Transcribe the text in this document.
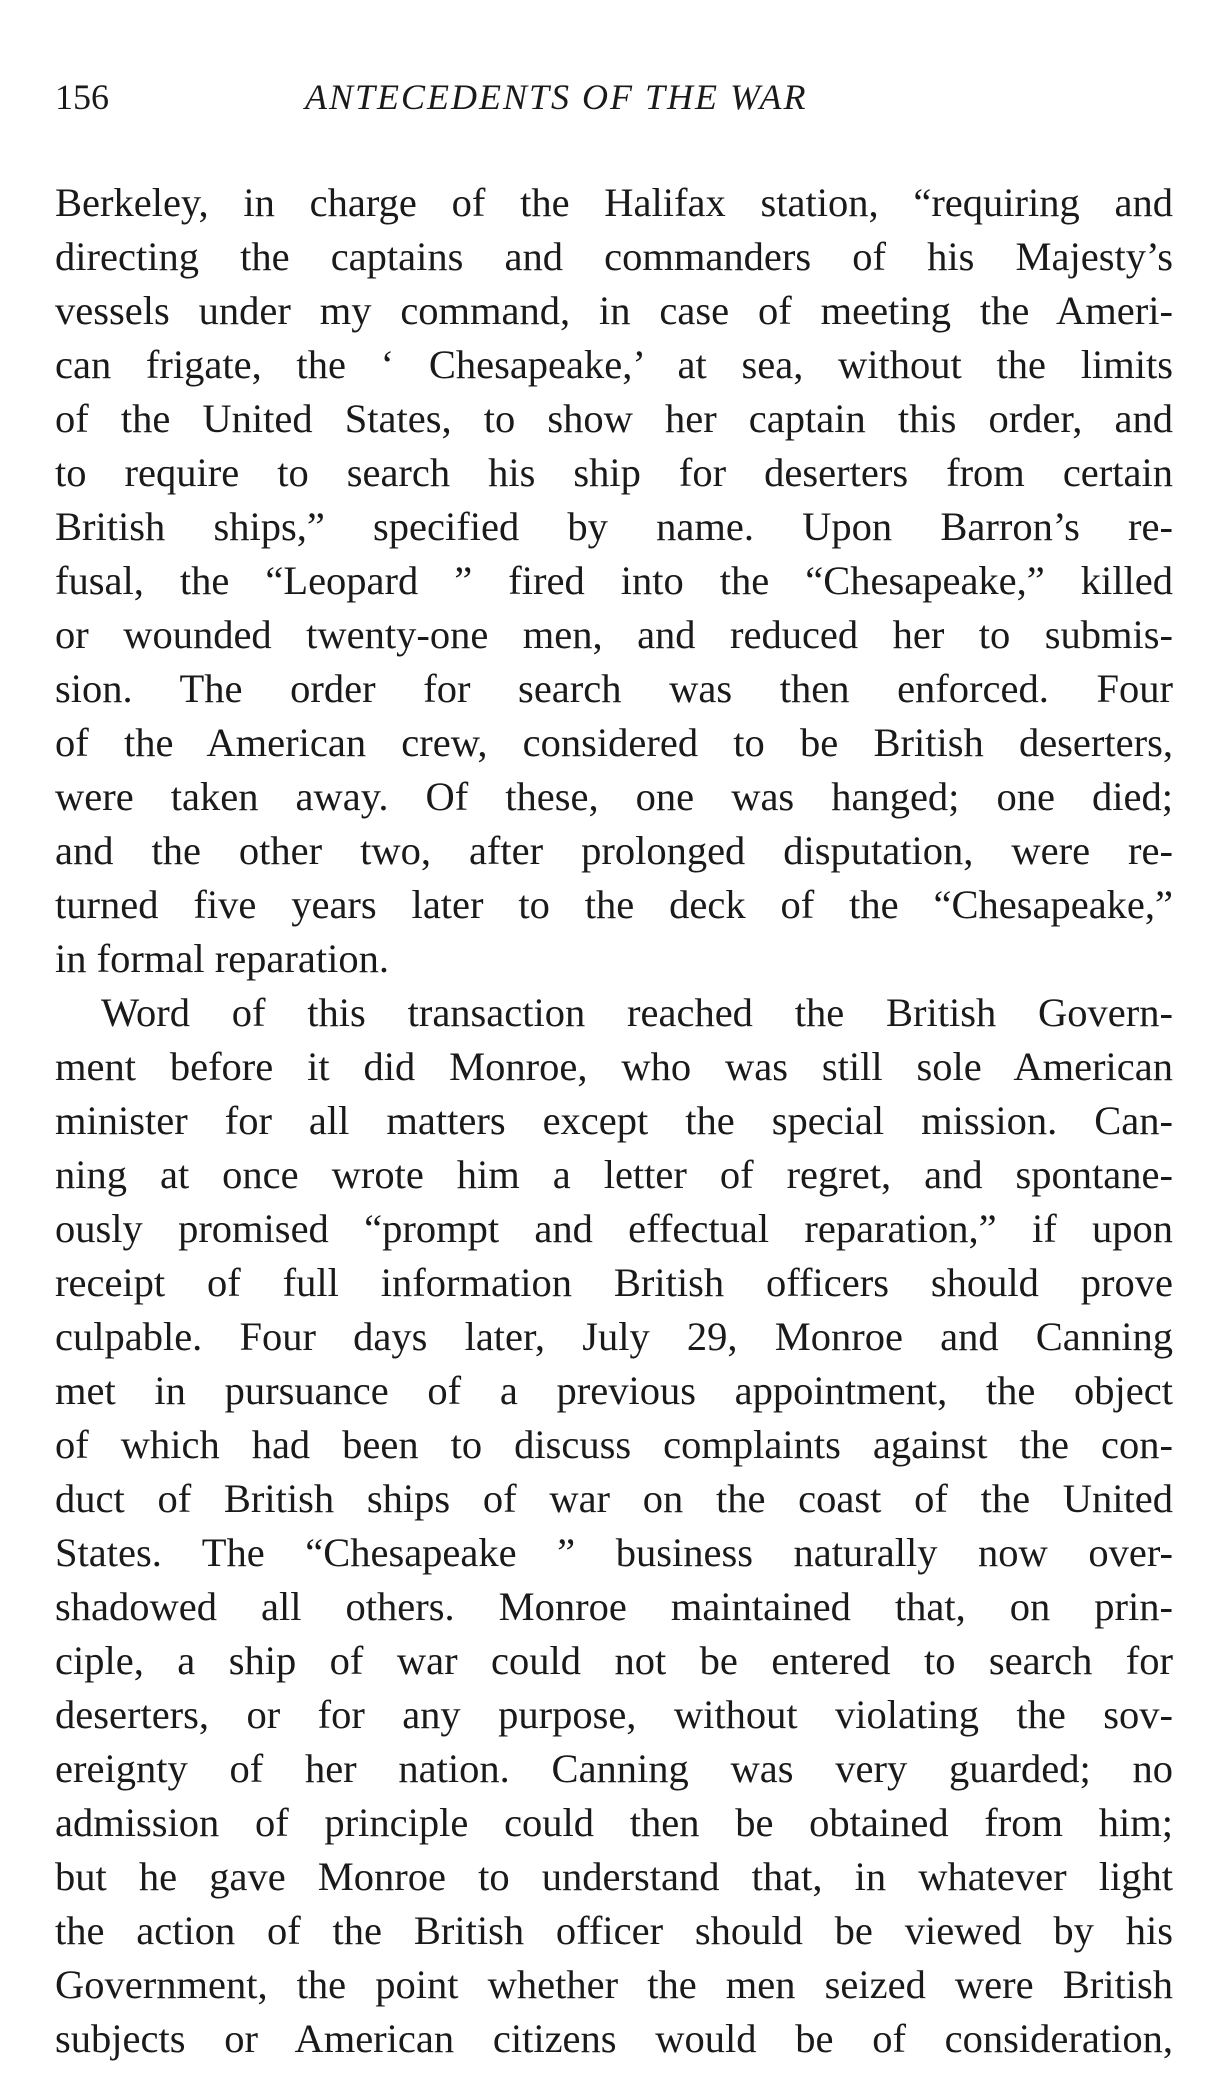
156	ANTECEDENTS OF THE WAR

Berkeley, in charge of the Halifax station, “requiring and
directing the captains and commanders of his Majesty’s
vessels under my command, in case of meeting the Ameri-
can frigate, the ‘ Chesapeake,’ at sea, without the limits
of the United States, to show her captain this order, and
to require to search his ship for deserters from certain
British ships,” specified by name. Upon Barron’s re-
fusal, the “Leopard ” fired into the “Chesapeake,” killed
or wounded twenty-one men, and reduced her to submis-
sion. The order for search was then enforced. Four
of the American crew, considered to be British deserters,
were taken away. Of these, one was hanged; one died;
and the other two, after prolonged disputation, were re-
turned five years later to the deck of the “Chesapeake,”
in formal reparation.

Word of this transaction reached the British Govern-
ment before it did Monroe, who was still sole American
minister for all matters except the special mission. Can-
ning at once wrote him a letter of regret, and spontane-
ously promised “prompt and effectual reparation,” if upon
receipt of full information British officers should prove
culpable. Four days later, July 29, Monroe and Canning
met in pursuance of a previous appointment, the object
of which had been to discuss complaints against the con-
duct of British ships of war on the coast of the United
States. The “Chesapeake ” business naturally now over-
shadowed all others. Monroe maintained that, on prin-
ciple, a ship of war could not be entered to search for
deserters, or for any purpose, without violating the sov-
ereignty of her nation. Canning was very guarded; no
admission of principle could then be obtained from him;
but he gave Monroe to understand that, in whatever light
the action of the British officer should be viewed by his
Government, the point whether the men seized were British
subjects or American citizens would be of consideration,
